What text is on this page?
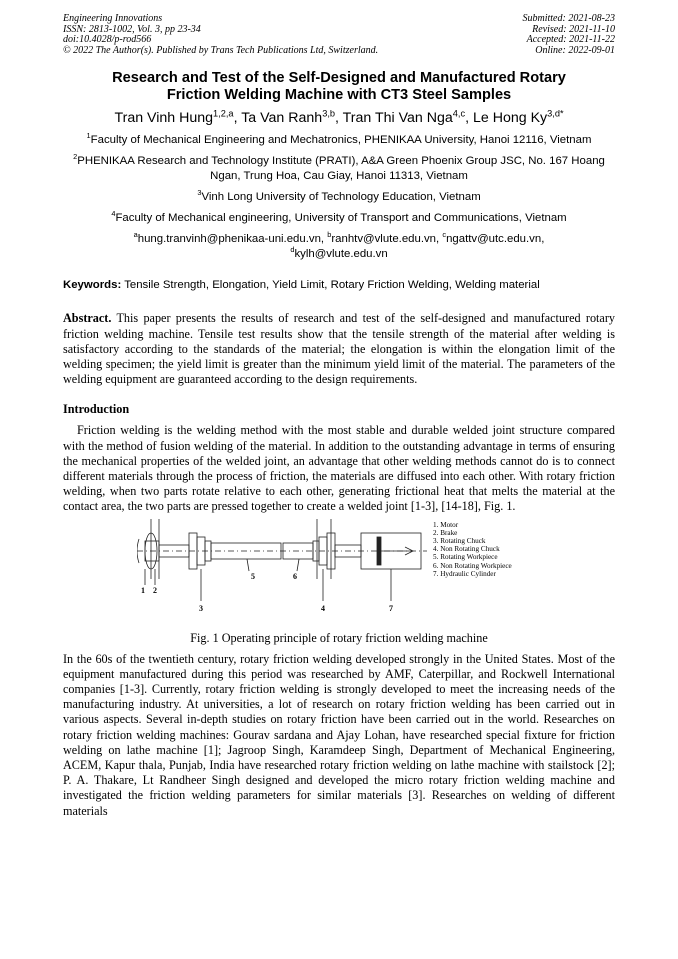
Engineering Innovations
ISSN: 2813-1002, Vol. 3, pp 23-34
doi:10.4028/p-rod566
© 2022 The Author(s). Published by Trans Tech Publications Ltd, Switzerland.
Submitted: 2021-08-23
Revised: 2021-11-10
Accepted: 2021-11-22
Online: 2022-09-01
Research and Test of the Self-Designed and Manufactured Rotary
Friction Welding Machine with CT3 Steel Samples
Tran Vinh Hung$^{1,2,a}$, Ta Van Ranh$^{3,b}$, Tran Thi Van Nga$^{4,c}$, Le Hong $Ky^{3,d*}$
$^1$Faculty of Mechanical Engineering and Mechatronics, PHENIKAA University, Hanoi 12116, Vietnam
$^2$PHENIKAA Research and Technology Institute (PRATI), A&A Green Phoenix Group JSC, No. 167 Hoang Ngan, Trung Hoa, Cau Giay, Hanoi 11313, Vietnam
$^3$Vinh Long University of Technology Education, Vietnam
$^4$Faculty of Mechanical engineering, University of Transport and Communications, Vietnam
$^a$hung.tranvinh@phenikaa-uni.edu.vn, $^b$ranhtv@vlute.edu.vn, $^c$ngattv@utc.edu.vn,
$^d$kylh@vlute.edu.vn
Keywords: Tensile Strength, Elongation, Yield Limit, Rotary Friction Welding, Welding material
Abstract. This paper presents the results of research and test of the self-designed and manufactured rotary friction welding machine. Tensile test results show that the tensile strength of the material after welding is satisfactory according to the standards of the material; the elongation is within the elongation limit of the welding specimen; the yield limit is greater than the minimum yield limit of the material. The parameters of the welding equipment are guaranteed according to the design requirements.
Introduction
Friction welding is the welding method with the most stable and durable welded joint structure compared with the method of fusion welding of the material. In addition to the outstanding advantage in terms of ensuring the mechanical properties of the welded joint, an advantage that other welding methods cannot do is to connect different materials through the process of friction, the materials are diffused into each other. With rotary friction welding, when two parts rotate relative to each other, generating frictional heat that melts the material at the contact area, the two parts are pressed together to create a welded joint [1-3], [14-18], Fig. 1.
1 2
3
5	6
4	7
1. Motor
2. Brake
3. Rotating Chuck
4. Non Rotating Chuck
5. Rotating Workpiece
6. Non Rotating Workpiece
7. Hydraulic Cylinder
Fig. 1 Operating principle of rotary friction welding machine
In the 60s of the twentieth century, rotary friction welding developed strongly in the United States. Most of the equipment manufactured during this period was researched by AMF, Caterpillar, and Rockwell International companies [1-3]. Currently, rotary friction welding is strongly developed to meet the increasing needs of the manufacturing industry. At universities, a lot of research on rotary friction welding has been carried out in various aspects. Several in-depth studies on rotary friction have been carried out in the world. Researches on rotary friction welding machines: Gourav sardana and Ajay Lohan, have researched special fixture for friction welding on lathe machine [1]; Jagroop Singh, Karamdeep Singh, Department of Mechanical Engineering, ACEM, Kapur thala, Punjab, India have researched rotary friction welding on lathe machine with stailstock [2]; P. A. Thakare, Lt Randheer Singh designed and developed the micro rotary friction welding machine and investigated the friction welding parameters for similar materials [3]. Researches on welding of different materials
